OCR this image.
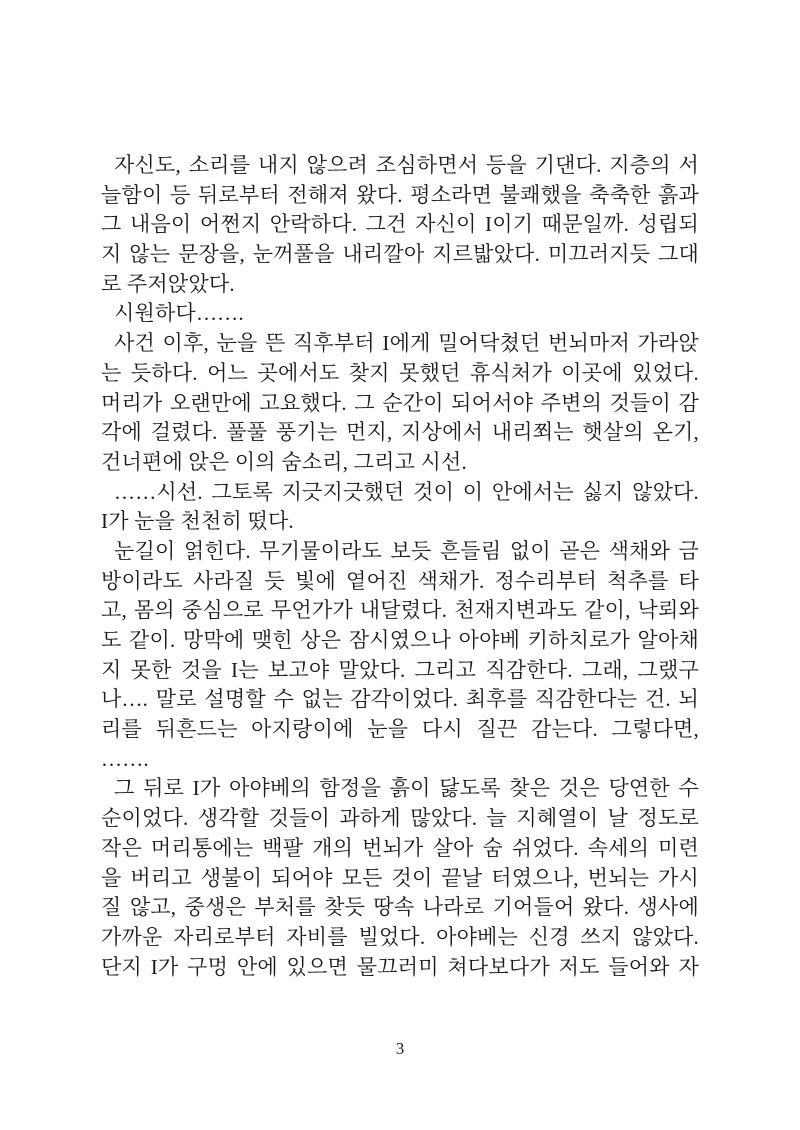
자신도, 소리를 내지 않으려 조심하면서 등을 기댄다. 지층의 서
늘함이 등 뒤로부터 전해져 왔다. 평소라면 불쾌했을 축축한 흙과
그 내음이 어쩐지 안락하다. 그건 자신이 I이기 때문일까. 성립되
지 않는 문장을, 눈꺼풀을 내리깔아 지르밟았다. 미끄러지듯 그대
로 주저앉았다.
시원하다…….
사건 이후, 눈을 뜬 직후부터 I에게 밀어닥쳤던 번뇌마저 가라앉
는 듯하다. 어느 곳에서도 찾지 못했던 휴식처가 이곳에 있었다.
머리가 오랜만에 고요했다. 그 순간이 되어서야 주변의 것들이 감
각에 걸렸다. 풀풀 풍기는 먼지, 지상에서 내리쬐는 햇살의 온기,
건너편에 앉은 이의 숨소리, 그리고 시선.
……시선. 그토록 지긋지긋했던 것이 이 안에서는 싫지 않았다.
I가 눈을 천천히 떴다.
눈길이 얽힌다. 무기물이라도 보듯 흔들림 없이 곧은 색채와 금
방이라도 사라질 듯 빛에 옅어진 색채가. 정수리부터 척추를 타
고, 몸의 중심으로 무언가가 내달렸다. 천재지변과도 같이, 낙뢰와
도 같이. 망막에 맺힌 상은 잠시였으나 아야베 키하치로가 알아채
지 못한 것을 I는 보고야 말았다. 그리고 직감한다. 그래, 그랬구
나…. 말로 설명할 수 없는 감각이었다. 최후를 직감한다는 건. 뇌
리를 뒤흔드는 아지랑이에 눈을 다시 질끈 감는다. 그렇다면,
…….
그 뒤로 I가 아야베의 함정을 흙이 닳도록 찾은 것은 당연한 수
순이었다. 생각할 것들이 과하게 많았다. 늘 지혜열이 날 정도로
작은 머리통에는 백팔 개의 번뇌가 살아 숨 쉬었다. 속세의 미련
을 버리고 생불이 되어야 모든 것이 끝날 터였으나, 번뇌는 가시
질 않고, 중생은 부처를 찾듯 땅속 나라로 기어들어 왔다. 생사에
가까운 자리로부터 자비를 빌었다. 아야베는 신경 쓰지 않았다.
단지 I가 구멍 안에 있으면 물끄러미 쳐다보다가 저도 들어와 자
3
